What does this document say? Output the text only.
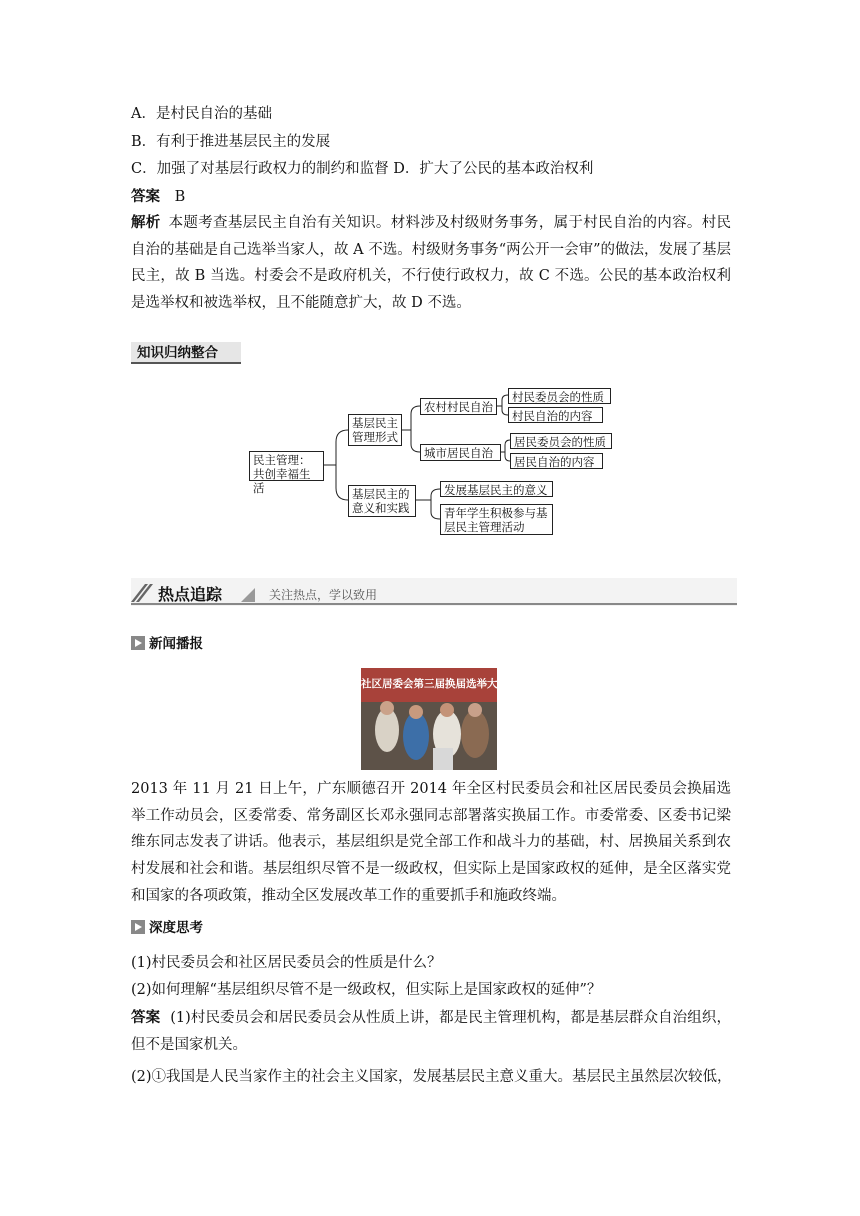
A．是村民自治的基础
B．有利于推进基层民主的发展
C．加强了对基层行政权力的制约和监督 D．扩大了公民的基本政治权利
答案 B
解析 本题考查基层民主自治有关知识。材料涉及村级财务事务，属于村民自治的内容。村民自治的基础是自己选举当家人，故 A 不选。村级财务事务“两公开一会审”的做法，发展了基层民主，故 B 当选。村委会不是政府机关，不行使行政权力，故 C 不选。公民的基本政治权利是选举权和被选举权，且不能随意扩大，故 D 不选。
知识归纳整合
民主管理：共创幸福生活
基层民主管理形式
农村村民自治
村民委员会的性质
村民自治的内容
城市居民自治
居民委员会的性质
居民自治的内容
基层民主的意义和实践
发展基层民主的意义
青年学生积极参与基层民主管理活动
热点追踪	关注热点，学以致用
新闻播报
社区居委会第三届换届选举大
2013 年 11 月 21 日上午，广东顺德召开 2014 年全区村民委员会和社区居民委员会换届选举工作动员会，区委常委、常务副区长邓永强同志部署落实换届工作。市委常委、区委书记梁维东同志发表了讲话。他表示，基层组织是党全部工作和战斗力的基础，村、居换届关系到农村发展和社会和谐。基层组织尽管不是一级政权，但实际上是国家政权的延伸，是全区落实党和国家的各项政策，推动全区发展改革工作的重要抓手和施政终端。
深度思考
(1)村民委员会和社区居民委员会的性质是什么？
(2)如何理解“基层组织尽管不是一级政权，但实际上是国家政权的延伸”？
答案 (1)村民委员会和居民委员会从性质上讲，都是民主管理机构，都是基层群众自治组织，但不是国家机关。
(2)①我国是人民当家作主的社会主义国家，发展基层民主意义重大。基层民主虽然层次较低，
